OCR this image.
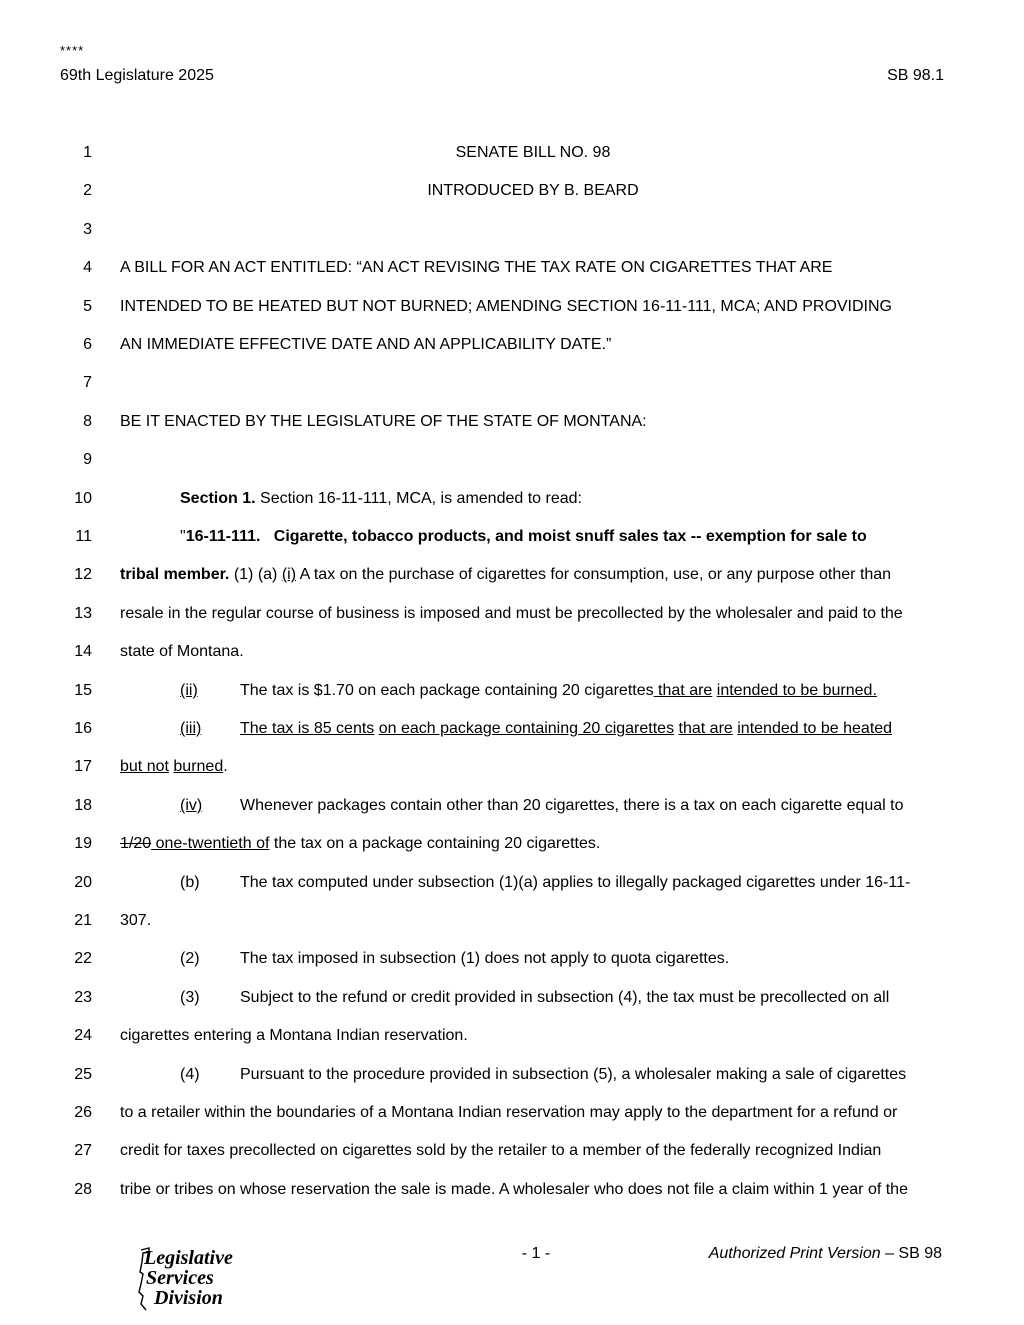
****
69th Legislature 2025	SB 98.1
1	SENATE BILL NO. 98
2	INTRODUCED BY B. BEARD
3
4 A BILL FOR AN ACT ENTITLED: “AN ACT REVISING THE TAX RATE ON CIGARETTES THAT ARE
5 INTENDED TO BE HEATED BUT NOT BURNED; AMENDING SECTION 16-11-111, MCA; AND PROVIDING
6 AN IMMEDIATE EFFECTIVE DATE AND AN APPLICABILITY DATE.”
7
8 BE IT ENACTED BY THE LEGISLATURE OF THE STATE OF MONTANA:
9
10	Section 1. Section 16-11-111, MCA, is amended to read:
11	"16-11-111.   Cigarette, tobacco products, and moist snuff sales tax -- exemption for sale to
12 tribal member. (1) (a) (i) A tax on the purchase of cigarettes for consumption, use, or any purpose other than
13 resale in the regular course of business is imposed and must be precollected by the wholesaler and paid to the
14 state of Montana.
15	(ii)	The tax is $1.70 on each package containing 20 cigarettes that are intended to be burned.
16	(iii) The tax is 85 cents on each package containing 20 cigarettes that are intended to be heated
17 but not burned.
18	(iv) Whenever packages contain other than 20 cigarettes, there is a tax on each cigarette equal to
19 1/20 one-twentieth of the tax on a package containing 20 cigarettes.
20	(b)	The tax computed under subsection (1)(a) applies to illegally packaged cigarettes under 16-11-
21 307.
22	(2)	The tax imposed in subsection (1) does not apply to quota cigarettes.
23	(3)	Subject to the refund or credit provided in subsection (4), the tax must be precollected on all
24 cigarettes entering a Montana Indian reservation.
25	(4)	Pursuant to the procedure provided in subsection (5), a wholesaler making a sale of cigarettes
26 to a retailer within the boundaries of a Montana Indian reservation may apply to the department for a refund or
27 credit for taxes precollected on cigarettes sold by the retailer to a member of the federally recognized Indian
28 tribe or tribes on whose reservation the sale is made. A wholesaler who does not file a claim within 1 year of the
- 1 -	Authorized Print Version – SB 98
Legislative
Services
Division
